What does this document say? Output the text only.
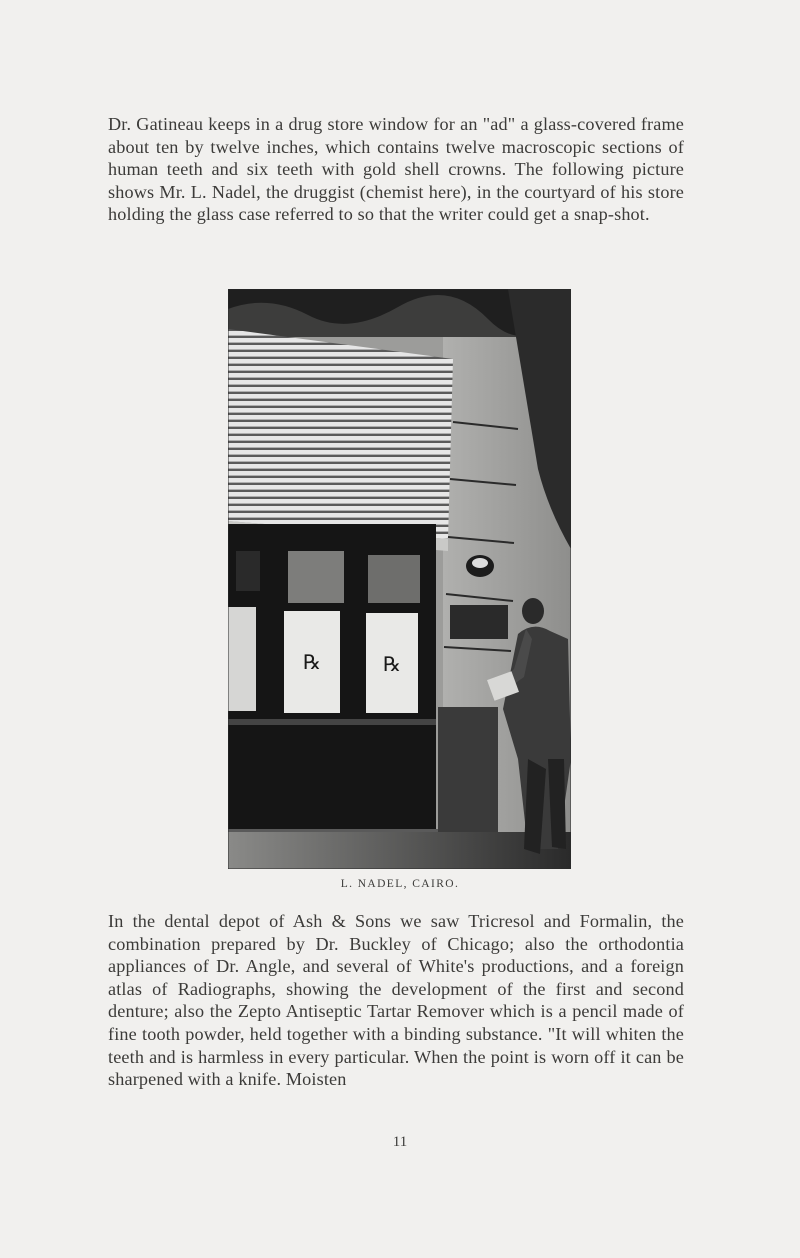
Dr. Gatineau keeps in a drug store window for an "ad" a glass-covered frame about ten by twelve inches, which contains twelve macroscopic sections of human teeth and six teeth with gold shell crowns. The following picture shows Mr. L. Nadel, the druggist (chemist here), in the courtyard of his store holding the glass case referred to so that the writer could get a snap-shot.

℞	℞

L. NADEL, CAIRO.

In the dental depot of Ash & Sons we saw Tricresol and Formalin, the combination prepared by Dr. Buckley of Chicago; also the orthodontia appliances of Dr. Angle, and several of White's productions, and a foreign atlas of Radiographs, showing the development of the first and second denture; also the Zepto Antiseptic Tartar Remover which is a pencil made of fine tooth powder, held together with a binding substance. "It will whiten the teeth and is harmless in every particular. When the point is worn off it can be sharpened with a knife. Moisten

11
